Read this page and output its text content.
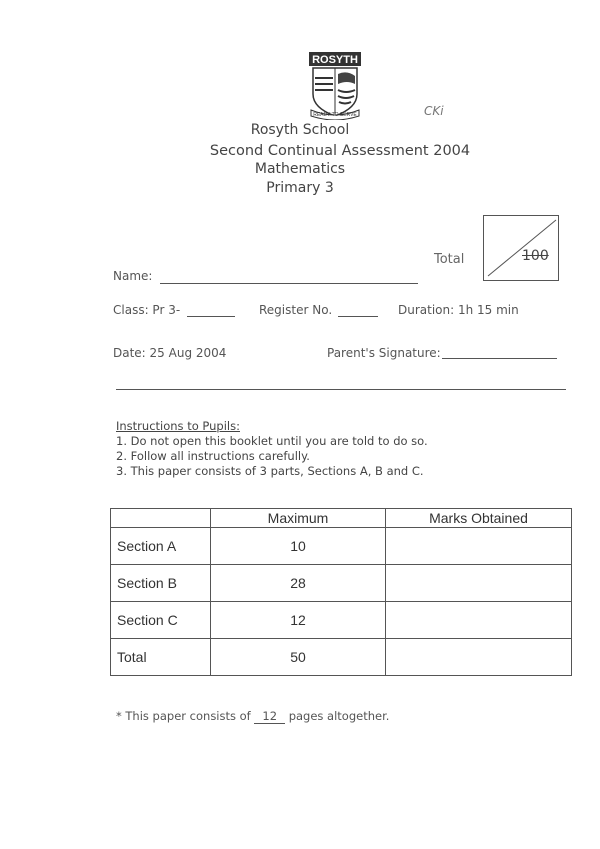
ROSYTH
READY TO SERVE	CKi
Rosyth School
Second Continual Assessment 2004
Mathematics
Primary 3
Total	100
Name:
Class: Pr 3-	Register No.	Duration: 1h 15 min
Date: 25 Aug 2004	Parent's Signature:
Instructions to Pupils:
1. Do not open this booklet until you are told to do so.
2. Follow all instructions carefully.
3. This paper consists of 3 parts, Sections A, B and C.
	Maximum	Marks Obtained
Section A	10	
Section B	28	
Section C	12	
Total	50	
* This paper consists of 12 pages altogether.
